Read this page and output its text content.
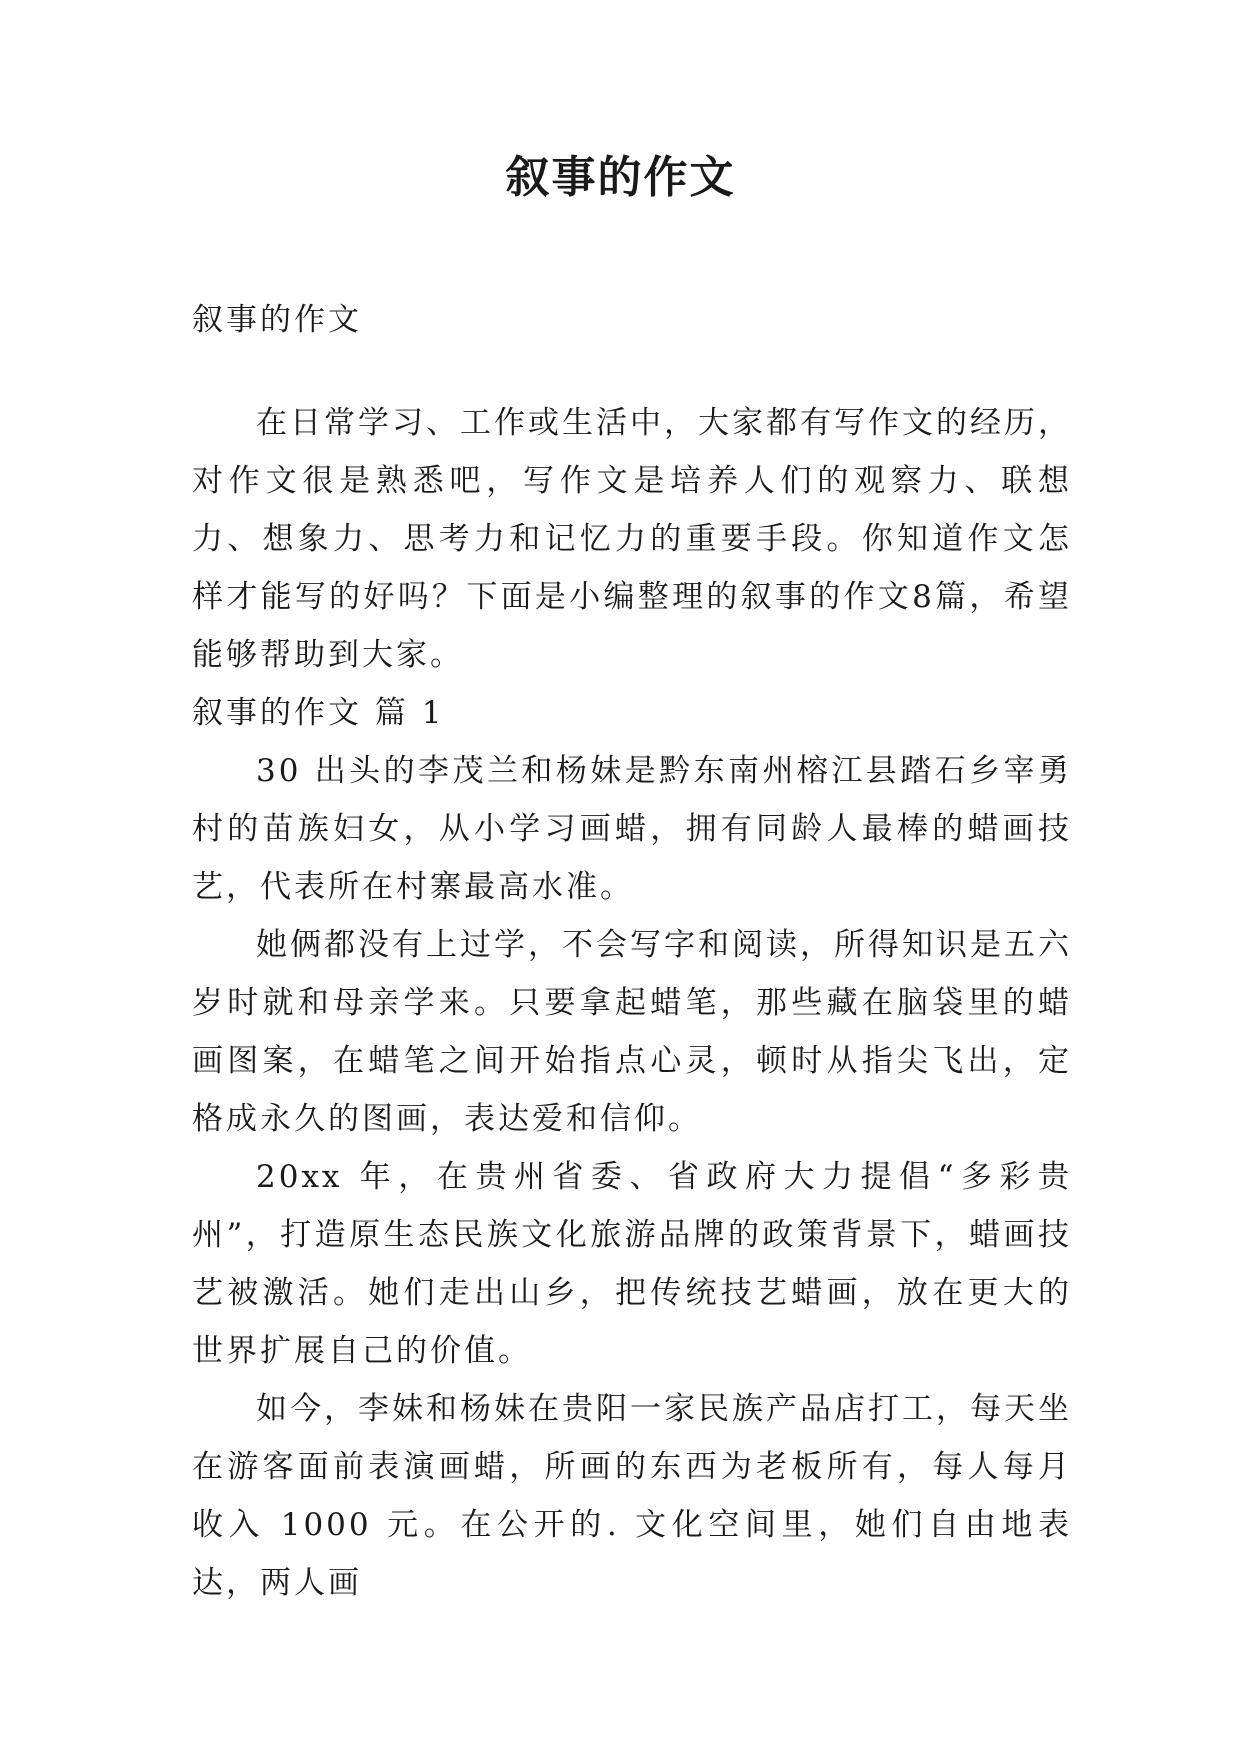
叙事的作文

叙事的作文

在日常学习、工作或生活中，大家都有写作文的经历，对作文很是熟悉吧，写作文是培养人们的观察力、联想力、想象力、思考力和记忆力的重要手段。你知道作文怎样才能写的好吗？下面是小编整理的叙事的作文8篇，希望能够帮助到大家。

叙事的作文 篇 1

30 出头的李茂兰和杨妹是黔东南州榕江县踏石乡宰勇村的苗族妇女，从小学习画蜡，拥有同龄人最棒的蜡画技艺，代表所在村寨最高水准。

她俩都没有上过学，不会写字和阅读，所得知识是五六岁时就和母亲学来。只要拿起蜡笔，那些藏在脑袋里的蜡画图案，在蜡笔之间开始指点心灵，顿时从指尖飞出，定格成永久的图画，表达爱和信仰。

20xx 年，在贵州省委、省政府大力提倡“多彩贵州”，打造原生态民族文化旅游品牌的政策背景下，蜡画技艺被激活。她们走出山乡，把传统技艺蜡画，放在更大的世界扩展自己的价值。

如今，李妹和杨妹在贵阳一家民族产品店打工，每天坐在游客面前表演画蜡，所画的东西为老板所有，每人每月收入 1000 元。在公开的. 文化空间里，她们自由地表达，两人画
